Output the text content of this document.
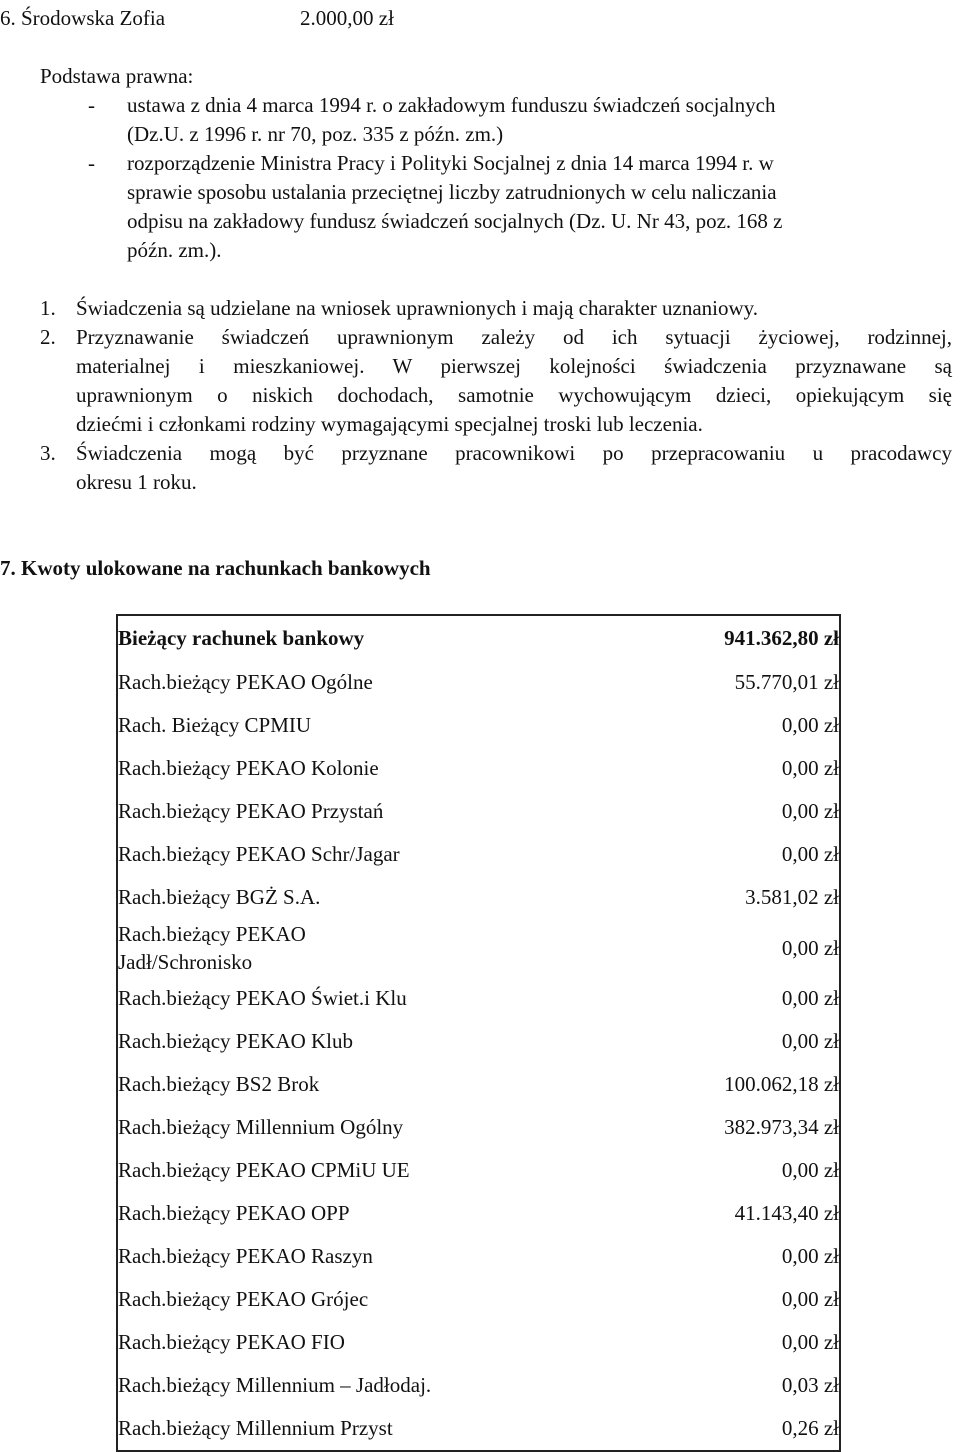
6. Środowska Zofia	2.000,00 zł
Podstawa prawna:
- ustawa z dnia 4 marca 1994 r. o zakładowym funduszu świadczeń socjalnych
(Dz.U. z 1996 r. nr 70, poz. 335 z późn. zm.)
- rozporządzenie Ministra Pracy i Polityki Socjalnej z dnia 14 marca 1994 r. w
sprawie sposobu ustalania przeciętnej liczby zatrudnionych w celu naliczania
odpisu na zakładowy fundusz świadczeń socjalnych (Dz. U. Nr 43, poz. 168 z
późn. zm.).
1. Świadczenia są udzielane na wniosek uprawnionych i mają charakter uznaniowy.
2. Przyznawanie świadczeń uprawnionym zależy od ich sytuacji życiowej, rodzinnej,
materialnej i mieszkaniowej. W pierwszej kolejności świadczenia przyznawane są
uprawnionym o niskich dochodach, samotnie wychowującym dzieci, opiekującym się
dziećmi i członkami rodziny wymagającymi specjalnej troski lub leczenia.
3. Świadczenia mogą być przyznane pracownikowi po przepracowaniu u pracodawcy
okresu 1 roku.
7. Kwoty ulokowane na rachunkach bankowych
Bieżący rachunek bankowy	941.362,80 zł
Rach.bieżący PEKAO Ogólne	55.770,01 zł
Rach. Bieżący CPMIU	0,00 zł
Rach.bieżący PEKAO Kolonie	0,00 zł
Rach.bieżący PEKAO Przystań	0,00 zł
Rach.bieżący PEKAO Schr/Jagar	0,00 zł
Rach.bieżący BGŻ S.A.	3.581,02 zł
Rach.bieżący PEKAO
Jadł/Schronisko	0,00 zł
Rach.bieżący PEKAO Świet.i Klu	0,00 zł
Rach.bieżący PEKAO Klub	0,00 zł
Rach.bieżący BS2 Brok	100.062,18 zł
Rach.bieżący Millennium Ogólny	382.973,34 zł
Rach.bieżący PEKAO CPMiU UE	0,00 zł
Rach.bieżący PEKAO OPP	41.143,40 zł
Rach.bieżący PEKAO Raszyn	0,00 zł
Rach.bieżący PEKAO Grójec	0,00 zł
Rach.bieżący PEKAO FIO	0,00 zł
Rach.bieżący Millennium – Jadłodaj.	0,03 zł
Rach.bieżący Millennium Przyst	0,26 zł
